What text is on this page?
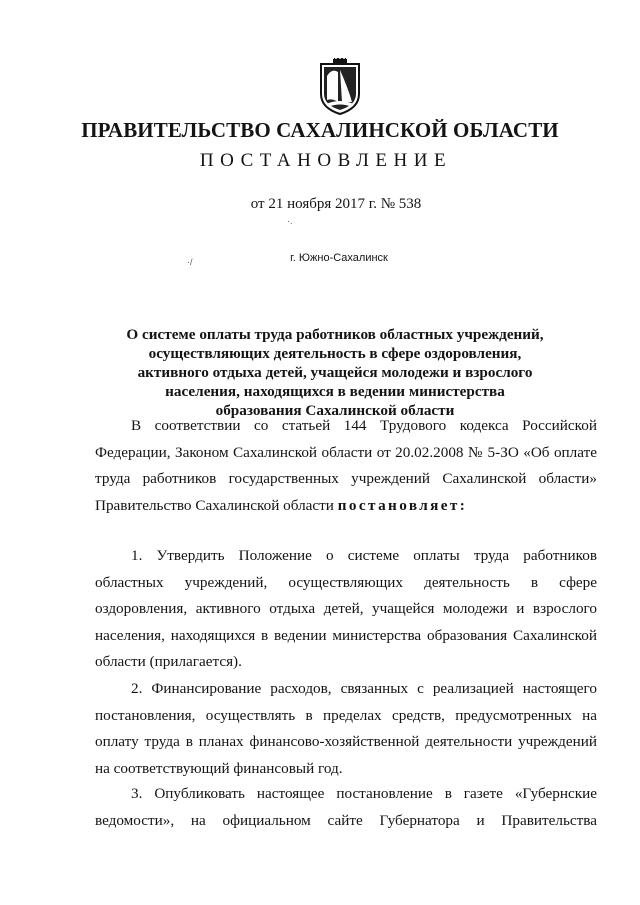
ПРАВИТЕЛЬСТВО САХАЛИНСКОЙ ОБЛАСТИ
ПОСТАНОВЛЕНИЕ
от 21 ноября 2017 г. № 538
·.
·/	г. Южно-Сахалинск
О системе оплаты труда работников областных учреждений,
осуществляющих деятельность в сфере оздоровления,
активного отдыха детей, учащейся молодежи и взрослого
населения, находящихся в ведении министерства
образования Сахалинской области
В соответствии со статьей 144 Трудового кодекса Российской
Федерации, Законом Сахалинской области от 20.02.2008 № 5-ЗО «Об оплате
труда работников государственных учреждений Сахалинской области»
Правительство Сахалинской области постановляет:
1. Утвердить Положение о системе оплаты труда работников
областных учреждений, осуществляющих деятельность в сфере
оздоровления, активного отдыха детей, учащейся молодежи и взрослого
населения, находящихся в ведении министерства образования Сахалинской
области (прилагается).
2. Финансирование расходов, связанных с реализацией настоящего
постановления, осуществлять в пределах средств, предусмотренных на
оплату труда в планах финансово-хозяйственной деятельности учреждений
на соответствующий финансовый год.
3. Опубликовать настоящее постановление в газете «Губернские
ведомости», на официальном сайте Губернатора и Правительства
